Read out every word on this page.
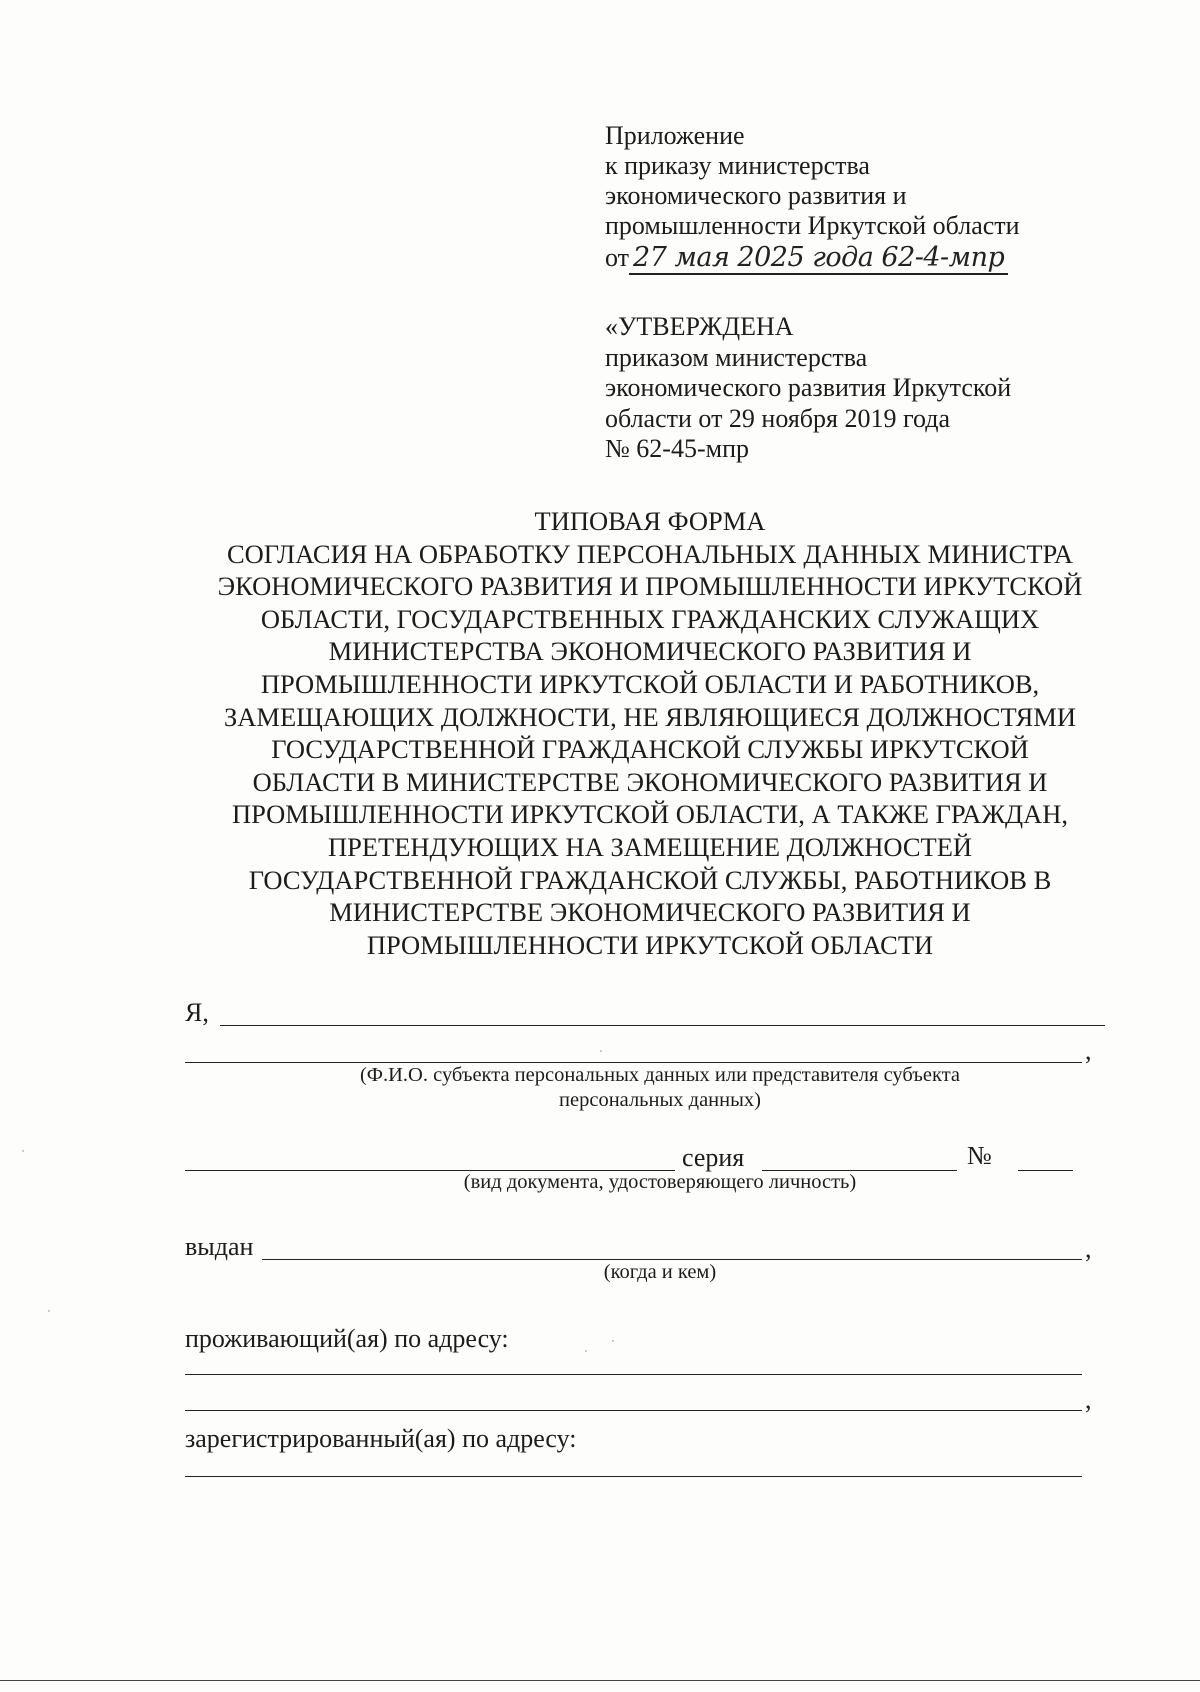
Приложение
к приказу министерства
экономического развития и
промышленности Иркутской области
от 27 мая 2025 года 62-4-мпр
«УТВЕРЖДЕНА
приказом министерства
экономического развития Иркутской
области от 29 ноября 2019 года
№ 62-45-мпр
ТИПОВАЯ ФОРМА
СОГЛАСИЯ НА ОБРАБОТКУ ПЕРСОНАЛЬНЫХ ДАННЫХ МИНИСТРА
ЭКОНОМИЧЕСКОГО РАЗВИТИЯ И ПРОМЫШЛЕННОСТИ ИРКУТСКОЙ
ОБЛАСТИ, ГОСУДАРСТВЕННЫХ ГРАЖДАНСКИХ СЛУЖАЩИХ
МИНИСТЕРСТВА ЭКОНОМИЧЕСКОГО РАЗВИТИЯ И
ПРОМЫШЛЕННОСТИ ИРКУТСКОЙ ОБЛАСТИ И РАБОТНИКОВ,
ЗАМЕЩАЮЩИХ ДОЛЖНОСТИ, НЕ ЯВЛЯЮЩИЕСЯ ДОЛЖНОСТЯМИ
ГОСУДАРСТВЕННОЙ ГРАЖДАНСКОЙ СЛУЖБЫ ИРКУТСКОЙ
ОБЛАСТИ В МИНИСТЕРСТВЕ ЭКОНОМИЧЕСКОГО РАЗВИТИЯ И
ПРОМЫШЛЕННОСТИ ИРКУТСКОЙ ОБЛАСТИ, А ТАКЖЕ ГРАЖДАН,
ПРЕТЕНДУЮЩИХ НА ЗАМЕЩЕНИЕ ДОЛЖНОСТЕЙ
ГОСУДАРСТВЕННОЙ ГРАЖДАНСКОЙ СЛУЖБЫ, РАБОТНИКОВ В
МИНИСТЕРСТВЕ ЭКОНОМИЧЕСКОГО РАЗВИТИЯ И
ПРОМЫШЛЕННОСТИ ИРКУТСКОЙ ОБЛАСТИ
Я,
,
(Ф.И.О. субъекта персональных данных или представителя субъекта
персональных данных)
серия	№
(вид документа, удостоверяющего личность)
выдан	,
(когда и кем)
проживающий(ая) по адресу:
,
зарегистрированный(ая) по адресу:
